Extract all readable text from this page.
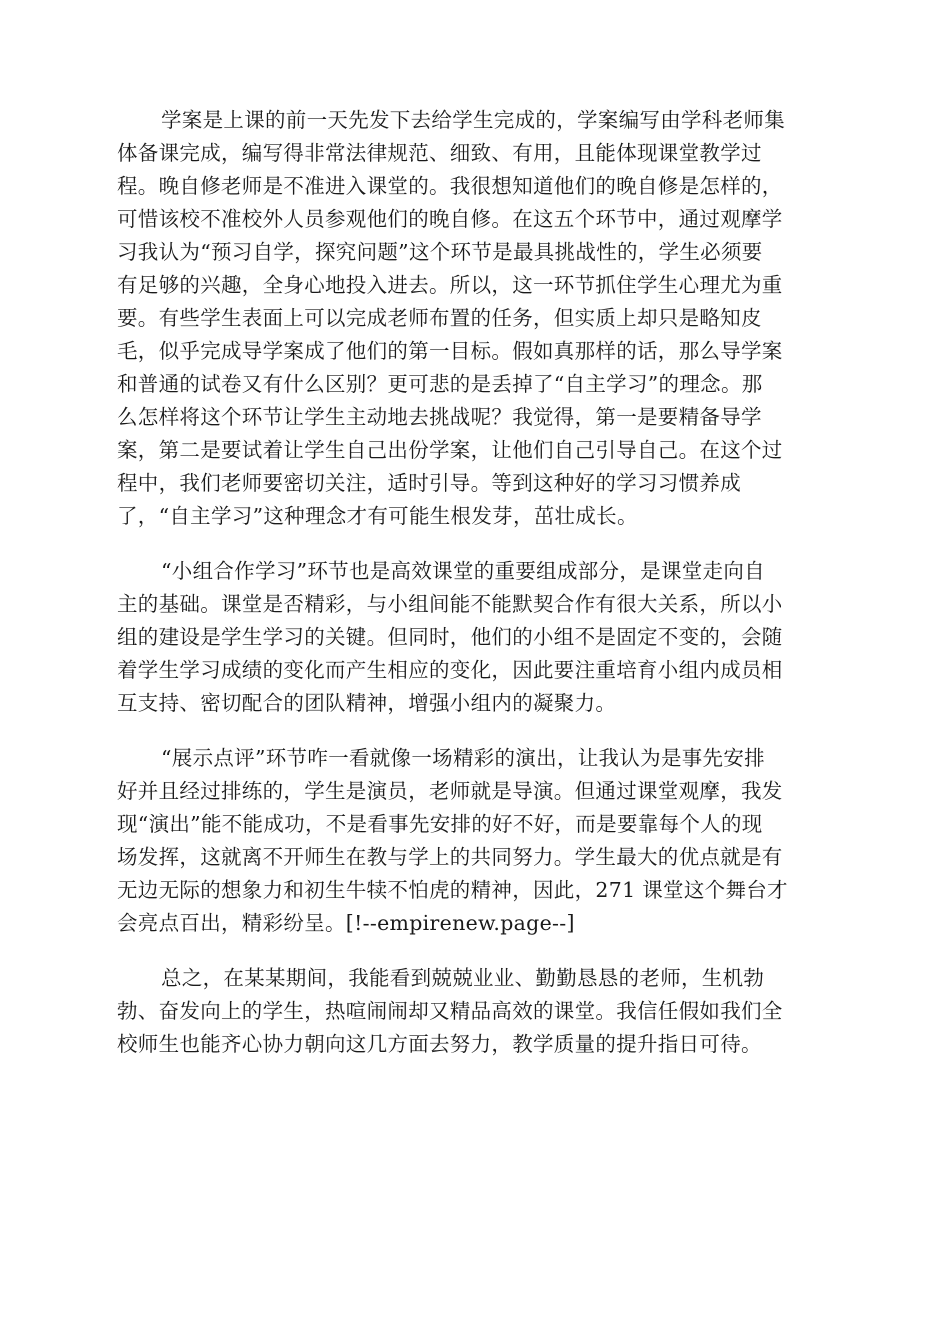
学案是上课的前一天先发下去给学生完成的，学案编写由学科老师集
体备课完成，编写得非常法律规范、细致、有用，且能体现课堂教学过
程。晚自修老师是不准进入课堂的。我很想知道他们的晚自修是怎样的，
可惜该校不准校外人员参观他们的晚自修。在这五个环节中，通过观摩学
习我认为“预习自学，探究问题”这个环节是最具挑战性的，学生必须要
有足够的兴趣，全身心地投入进去。所以，这一环节抓住学生心理尤为重
要。有些学生表面上可以完成老师布置的任务，但实质上却只是略知皮
毛，似乎完成导学案成了他们的第一目标。假如真那样的话，那么导学案
和普通的试卷又有什么区别？更可悲的是丢掉了“自主学习”的理念。那
么怎样将这个环节让学生主动地去挑战呢？我觉得，第一是要精备导学
案，第二是要试着让学生自己出份学案，让他们自己引导自己。在这个过
程中，我们老师要密切关注，适时引导。等到这种好的学习习惯养成
了，“自主学习”这种理念才有可能生根发芽，茁壮成长。

“小组合作学习”环节也是高效课堂的重要组成部分，是课堂走向自
主的基础。课堂是否精彩，与小组间能不能默契合作有很大关系，所以小
组的建设是学生学习的关键。但同时，他们的小组不是固定不变的，会随
着学生学习成绩的变化而产生相应的变化，因此要注重培育小组内成员相
互支持、密切配合的团队精神，增强小组内的凝聚力。

“展示点评”环节咋一看就像一场精彩的演出，让我认为是事先安排
好并且经过排练的，学生是演员，老师就是导演。但通过课堂观摩，我发
现“演出”能不能成功，不是看事先安排的好不好，而是要靠每个人的现
场发挥，这就离不开师生在教与学上的共同努力。学生最大的优点就是有
无边无际的想象力和初生牛犊不怕虎的精神，因此，271 课堂这个舞台才
会亮点百出，精彩纷呈。[!--empirenew.page--]

总之，在某某期间，我能看到兢兢业业、勤勤恳恳的老师，生机勃
勃、奋发向上的学生，热喧闹闹却又精品高效的课堂。我信任假如我们全
校师生也能齐心协力朝向这几方面去努力，教学质量的提升指日可待。
